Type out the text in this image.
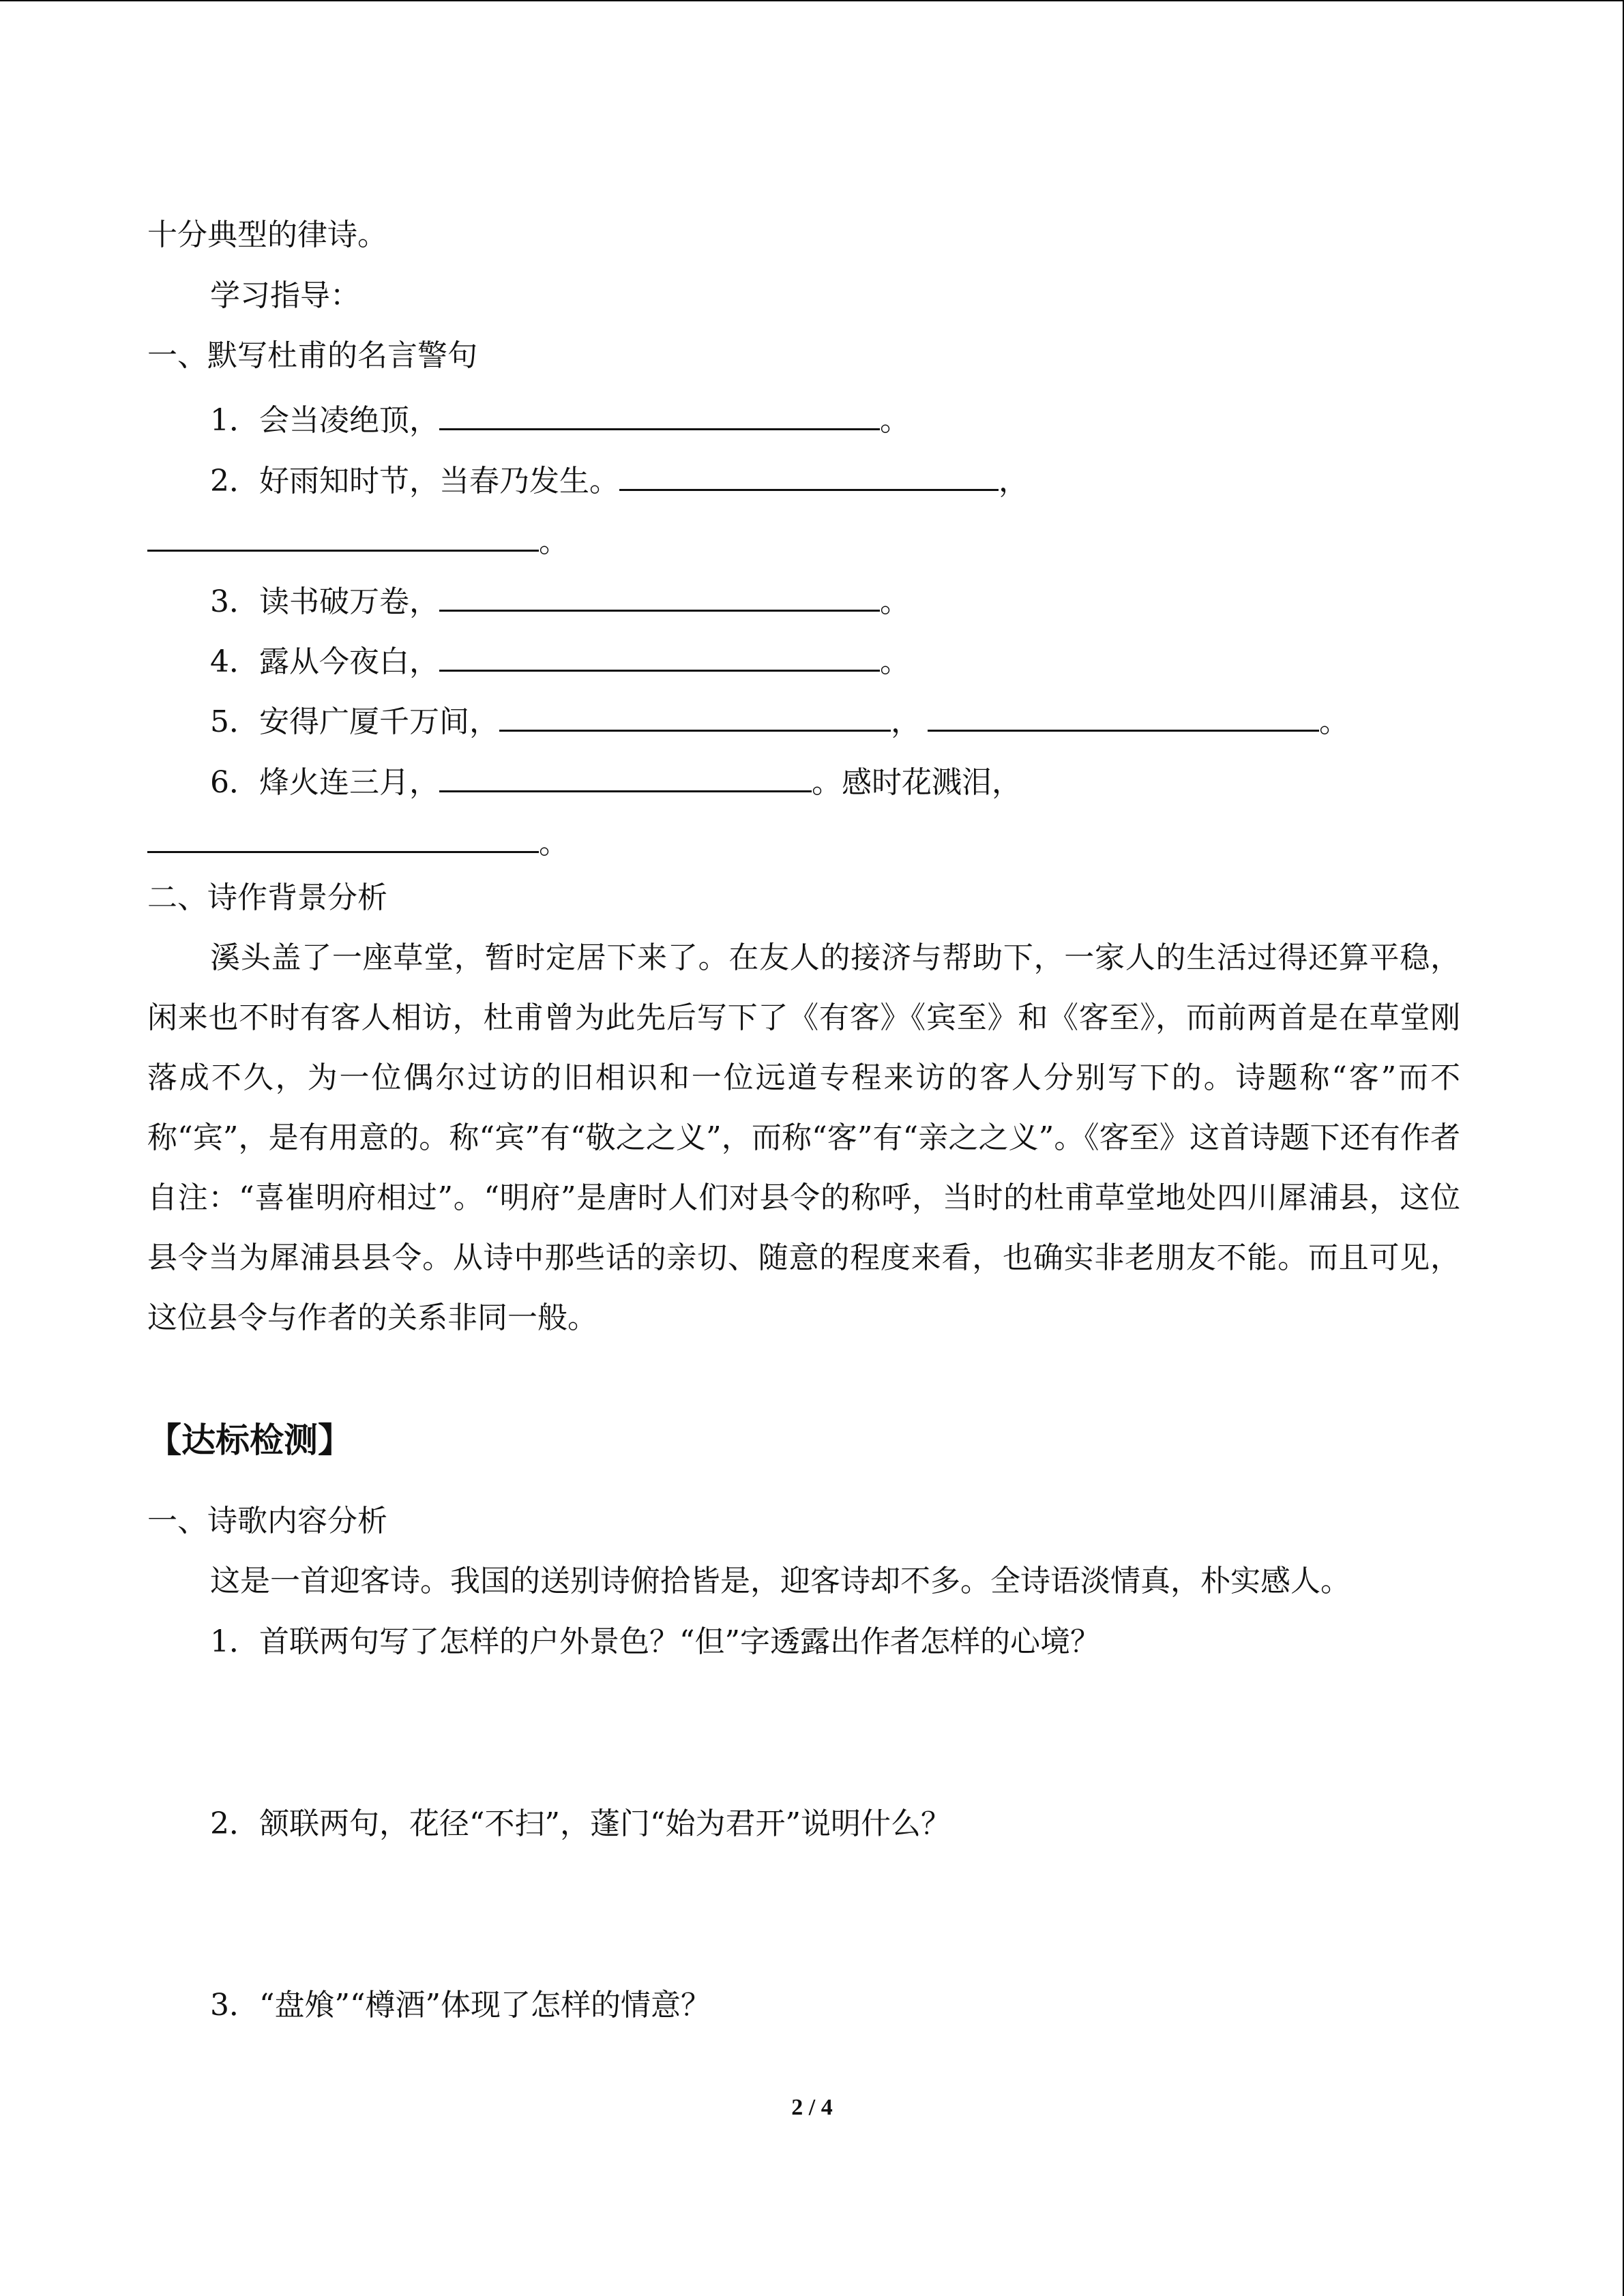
十分典型的律诗。
学习指导：
一、默写杜甫的名言警句
1．会当凌绝顶，	。
2．好雨知时节，当春乃发生。	，
。
3．读书破万卷，	。
4．露从今夜白，	。
5．安得广厦千万间，	，	。
6．烽火连三月，	。感时花溅泪，
。
二、诗作背景分析

溪头盖了一座草堂，暂时定居下来了。在友人的接济与帮助下，一家人的生活过得还算平稳，闲来也不时有客人相访，杜甫曾为此先后写下了《有客》《宾至》和《客至》，而前两首是在草堂刚落成不久，为一位偶尔过访的旧相识和一位远道专程来访的客人分别写下的。诗题称“客”而不称“宾”，是有用意的。称“宾”有“敬之之义”，而称“客”有“亲之之义”。《客至》这首诗题下还有作者自注：“喜崔明府相过”。“明府”是唐时人们对县令的称呼，当时的杜甫草堂地处四川犀浦县，这位县令当为犀浦县县令。从诗中那些话的亲切、随意的程度来看，也确实非老朋友不能。而且可见，这位县令与作者的关系非同一般。

【达标检测】
一、诗歌内容分析
这是一首迎客诗。我国的送别诗俯拾皆是，迎客诗却不多。全诗语淡情真，朴实感人。
1．首联两句写了怎样的户外景色？“但”字透露出作者怎样的心境？
2．颔联两句，花径“不扫”，蓬门“始为君开”说明什么？
3．“盘飧”“樽酒”体现了怎样的情意？
2 / 4
